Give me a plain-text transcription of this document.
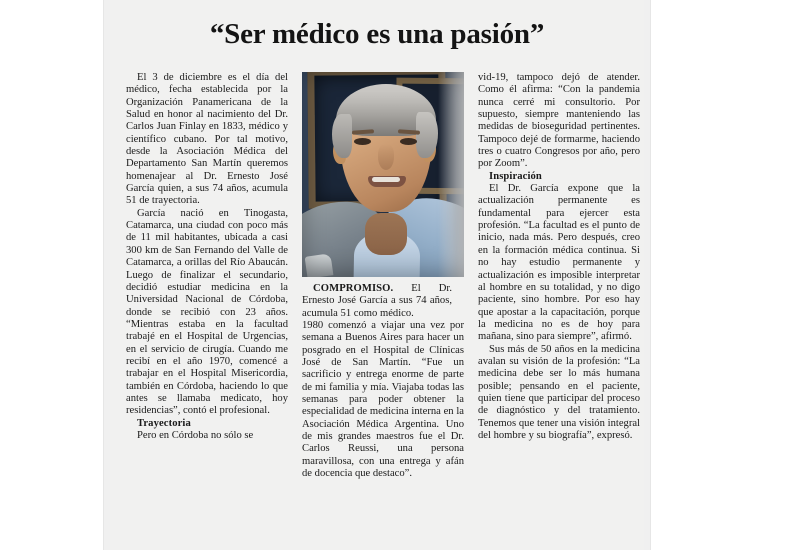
“Ser médico es una pasión”

El 3 de diciembre es el día del médico, fecha establecida por la Organización Panamericana de la Salud en honor al nacimiento del Dr. Carlos Juan Finlay en 1833, médico y científico cubano. Por tal motivo, desde la Asociación Médica del Departamento San Martín queremos homenajear al Dr. Ernesto José García quien, a sus 74 años, acumula 51 de trayectoria.

García nació en Tinogasta, Catamarca, una ciudad con poco más de 11 mil habitantes, ubicada a casi 300 km de San Fernando del Valle de Catamarca, a orillas del Río Abaucán. Luego de finalizar el secundario, decidió estudiar medicina en la Universidad Nacional de Córdoba, donde se recibió con 23 años. “Mientras estaba en la facultad trabajé en el Hospital de Urgencias, en el servicio de cirugía. Cuando me recibí en el año 1970, comencé a trabajar en el Hospital Misericordia, también en Córdoba, haciendo lo que antes se llamaba medicato, hoy residencias”, contó el profesional.

Trayectoria

Pero en Córdoba no sólo se

COMPROMISO. El Dr. Ernesto José García a sus 74 años, acumula 51 como médico.

1980 comenzó a viajar una vez por semana a Buenos Aires para hacer un posgrado en el Hospital de Clínicas José de San Martín. “Fue un sacrificio y entrega enorme de parte de mi familia y mía. Viajaba todas las semanas para poder obtener la especialidad de medicina interna en la Asociación Médica Argentina. Uno de mis grandes maestros fue el Dr. Carlos Reussi, una persona maravillosa, con una entrega y afán de docencia que destaco”.

vid-19, tampoco dejó de atender. Como él afirma: “Con la pandemia nunca cerré mi consultorio. Por supuesto, siempre manteniendo las medidas de bioseguridad pertinentes. Tampoco dejé de formarme, haciendo tres o cuatro Congresos por año, pero por Zoom”.

Inspiración

El Dr. García expone que la actualización permanente es fundamental para ejercer esta profesión. “La facultad es el punto de inicio, nada más. Pero después, creo en la formación médica continua. Si no hay estudio permanente y actualización es imposible interpretar al hombre en su totalidad, y no digo paciente, sino hombre. Por eso hay que apostar a la capacitación, porque la medicina no es de hoy para mañana, sino para siempre”, afirmó.

Sus más de 50 años en la medicina avalan su visión de la profesión: “La medicina debe ser lo más humana posible; pensando en el paciente, quien tiene que participar del proceso de diagnóstico y del tratamiento. Tenemos que tener una visión integral del hombre y su biografía”, expresó.
